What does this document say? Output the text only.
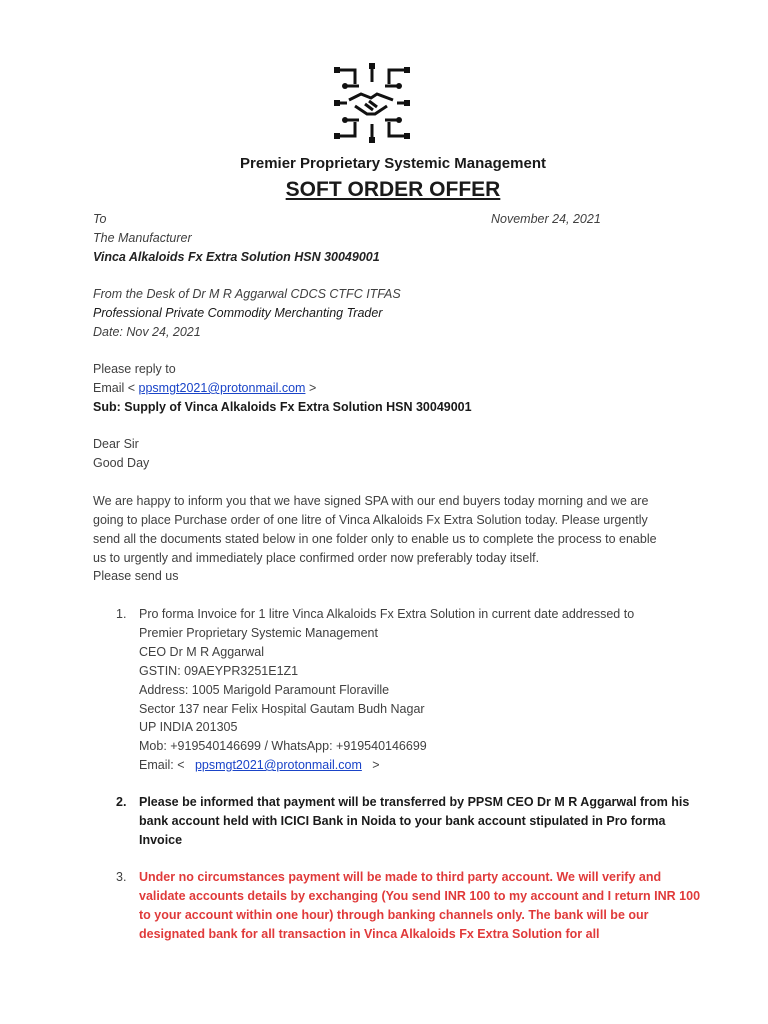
Premier Proprietary Systemic Management
SOFT ORDER OFFER
To	November 24, 2021
The Manufacturer
Vinca Alkaloids Fx Extra Solution HSN 30049001
From the Desk of Dr M R Aggarwal CDCS CTFC ITFAS
Professional Private Commodity Merchanting Trader
Date: Nov 24, 2021
Please reply to
Email < ppsmgt2021@protonmail.com >
Sub: Supply of Vinca Alkaloids Fx Extra Solution HSN 30049001
Dear Sir
Good Day
We are happy to inform you that we have signed SPA with our end buyers today morning and we are
going to place Purchase order of one litre of Vinca Alkaloids Fx Extra Solution today. Please urgently
send all the documents stated below in one folder only to enable us to complete the process to enable
us to urgently and immediately place confirmed order now preferably today itself.
Please send us
1. Pro forma Invoice for 1 litre Vinca Alkaloids Fx Extra Solution in current date addressed to
Premier Proprietary Systemic Management
CEO Dr M R Aggarwal
GSTIN: 09AEYPR3251E1Z1
Address: 1005 Marigold Paramount Floraville
Sector 137 near Felix Hospital Gautam Budh Nagar
UP INDIA 201305
Mob: +919540146699 / WhatsApp: +919540146699
Email: < ppsmgt2021@protonmail.com >
2. Please be informed that payment will be transferred by PPSM CEO Dr M R Aggarwal from his
bank account held with ICICI Bank in Noida to your bank account stipulated in Pro forma
Invoice
3. Under no circumstances payment will be made to third party account. We will verify and
validate accounts details by exchanging (You send INR 100 to my account and I return INR 100
to your account within one hour) through banking channels only. The bank will be our
designated bank for all transaction in Vinca Alkaloids Fx Extra Solution for all
